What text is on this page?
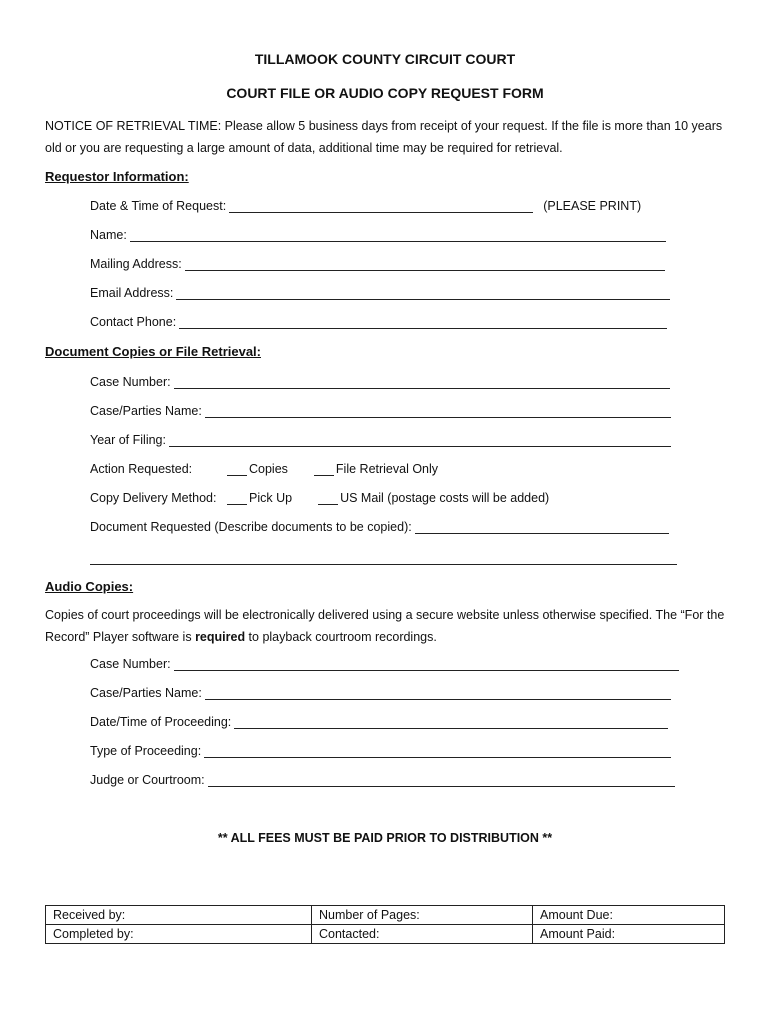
TILLAMOOK COUNTY CIRCUIT COURT
COURT FILE OR AUDIO COPY REQUEST FORM
NOTICE OF RETRIEVAL TIME: Please allow 5 business days from receipt of your request. If the file is more than 10 years old or you are requesting a large amount of data, additional time may be required for retrieval.
Requestor Information:
Date & Time of Request:	(PLEASE PRINT)
Name:
Mailing Address:
Email Address:
Contact Phone:
Document Copies or File Retrieval:
Case Number:
Case/Parties Name:
Year of Filing:
Action Requested:	Copies	File Retrieval Only
Copy Delivery Method:	Pick Up	US Mail (postage costs will be added)
Document Requested (Describe documents to be copied):
Audio Copies:
Copies of court proceedings will be electronically delivered using a secure website unless otherwise specified. The “For the Record” Player software is required to playback courtroom recordings.
Case Number:
Case/Parties Name:
Date/Time of Proceeding:
Type of Proceeding:
Judge or Courtroom:
** ALL FEES MUST BE PAID PRIOR TO DISTRIBUTION **
Received by:	Number of Pages:	Amount Due:
Completed by:	Contacted:	Amount Paid:
